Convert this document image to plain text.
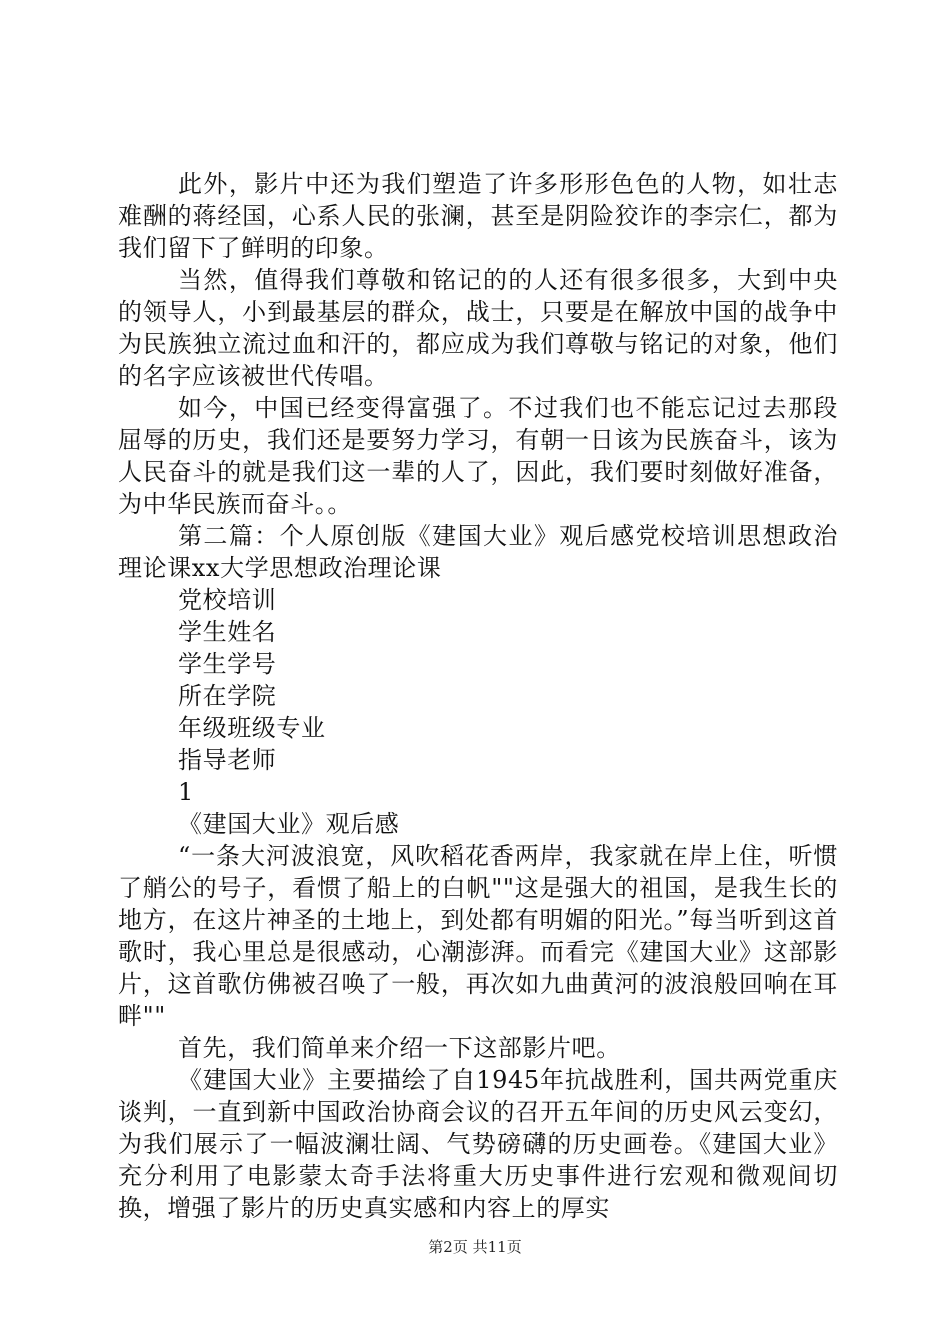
此外，影片中还为我们塑造了许多形形色色的人物，如壮志难酬的蒋经国，心系人民的张澜，甚至是阴险狡诈的李宗仁，都为我们留下了鲜明的印象。

当然，值得我们尊敬和铭记的的人还有很多很多，大到中央的领导人，小到最基层的群众，战士，只要是在解放中国的战争中为民族独立流过血和汗的，都应成为我们尊敬与铭记的对象，他们的名字应该被世代传唱。

如今，中国已经变得富强了。不过我们也不能忘记过去那段屈辱的历史，我们还是要努力学习，有朝一日该为民族奋斗，该为人民奋斗的就是我们这一辈的人了，因此，我们要时刻做好准备，为中华民族而奋斗。。

第二篇：个人原创版《建国大业》观后感党校培训思想政治理论课xx大学思想政治理论课

党校培训

学生姓名

学生学号

所在学院

年级班级专业

指导老师

1

《建国大业》观后感

“一条大河波浪宽，风吹稻花香两岸，我家就在岸上住，听惯了艄公的号子，看惯了船上的白帆""这是强大的祖国，是我生长的地方，在这片神圣的土地上，到处都有明媚的阳光。”每当听到这首歌时，我心里总是很感动，心潮澎湃。而看完《建国大业》这部影片，这首歌仿佛被召唤了一般，再次如九曲黄河的波浪般回响在耳畔""

首先，我们简单来介绍一下这部影片吧。

《建国大业》主要描绘了自1945年抗战胜利，国共两党重庆谈判，一直到新中国政治协商会议的召开五年间的历史风云变幻，为我们展示了一幅波澜壮阔、气势磅礴的历史画卷。《建国大业》充分利用了电影蒙太奇手法将重大历史事件进行宏观和微观间切换，增强了影片的历史真实感和内容上的厚实

第2页 共11页
